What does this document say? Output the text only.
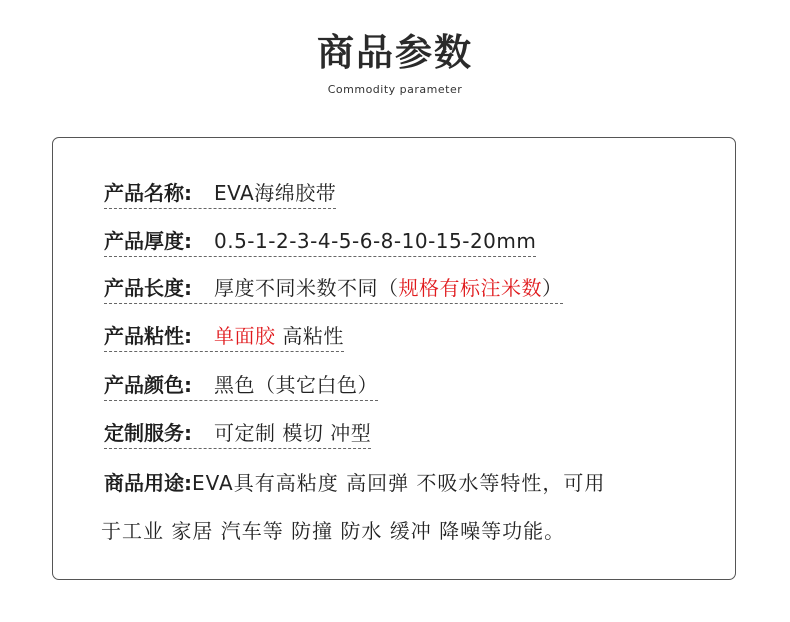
商品参数
Commodity parameter
产品名称: EVA海绵胶带
产品厚度: 0.5-1-2-3-4-5-6-8-10-15-20mm
产品长度: 厚度不同米数不同（规格有标注米数）
产品粘性: 单面胶 高粘性
产品颜色: 黑色（其它白色）
定制服务: 可定制 模切 冲型
商品用途:EVA具有高粘度 高回弹 不吸水等特性，可用
于工业 家居 汽车等 防撞 防水 缓冲 降噪等功能。
